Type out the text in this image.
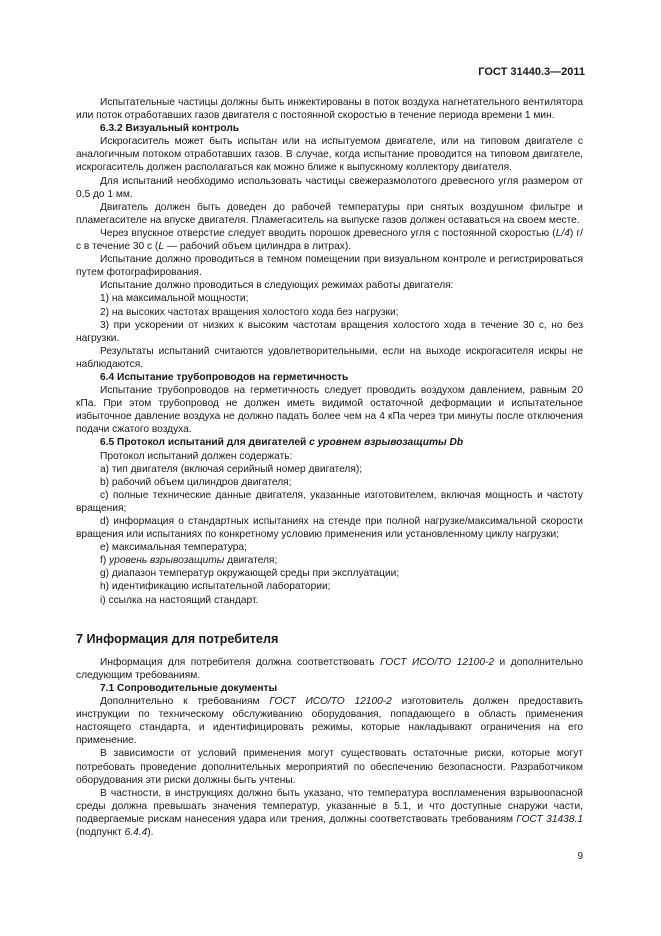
ГОСТ 31440.3—2011

Испытательные частицы должны быть инжектированы в поток воздуха нагнетательного вентилятора или поток отработавших газов двигателя с постоянной скоростью в течение периода времени 1 мин.

6.3.2 Визуальный контроль

Искрогаситель может быть испытан или на испытуемом двигателе, или на типовом двигателе с аналогичным потоком отработавших газов. В случае, когда испытание проводится на типовом двигателе, искрогаситель должен располагаться как можно ближе к выпускному коллектору двигателя.

Для испытаний необходимо использовать частицы свежеразмолотого древесного угля размером от 0,5 до 1 мм.

Двигатель должен быть доведен до рабочей температуры при снятых воздушном фильтре и пламегасителе на впуске двигателя. Пламегаситель на выпуске газов должен оставаться на своем месте.

Через впускное отверстие следует вводить порошок древесного угля с постоянной скоростью (L/4) г/с в течение 30 с (L — рабочий объем цилиндра в литрах).

Испытание должно проводиться в темном помещении при визуальном контроле и регистрироваться путем фотографирования.

Испытание должно проводиться в следующих режимах работы двигателя:

1) на максимальной мощности;

2) на высоких частотах вращения холостого хода без нагрузки;

3) при ускорении от низких к высоким частотам вращения холостого хода в течение 30 с, но без нагрузки.

Результаты испытаний считаются удовлетворительными, если на выходе искрогасителя искры не наблюдаются.

6.4 Испытание трубопроводов на герметичность

Испытание трубопроводов на герметичность следует проводить воздухом давлением, равным 20 кПа. При этом трубопровод не должен иметь видимой остаточной деформации и испытательное избыточное давление воздуха не должно падать более чем на 4 кПа через три минуты после отключения подачи сжатого воздуха.

6.5 Протокол испытаний для двигателей с уровнем взрывозащиты Db

Протокол испытаний должен содержать:

a) тип двигателя (включая серийный номер двигателя);

b) рабочий объем цилиндров двигателя;

c) полные технические данные двигателя, указанные изготовителем, включая мощность и частоту вращения;

d) информация о стандартных испытаниях на стенде при полной нагрузке/максимальной скорости вращения или испытаниях по конкретному условию применения или установленному циклу нагрузки;

e) максимальная температура;

f) уровень взрывозащиты двигателя;

g) диапазон температур окружающей среды при эксплуатации;

h) идентификацию испытательной лаборатории;

i) ссылка на настоящий стандарт.

7 Информация для потребителя

Информация для потребителя должна соответствовать ГОСТ ИСО/ТО 12100-2 и дополнительно следующим требованиям.

7.1 Сопроводительные документы

Дополнительно к требованиям ГОСТ ИСО/ТО 12100-2 изготовитель должен предоставить инструкции по техническому обслуживанию оборудования, попадающего в область применения настоящего стандарта, и идентифицировать режимы, которые накладывают ограничения на его применение.

В зависимости от условий применения могут существовать остаточные риски, которые могут потребовать проведение дополнительных мероприятий по обеспечению безопасности. Разработчиком оборудования эти риски должны быть учтены.

В частности, в инструкциях должно быть указано, что температура воспламенения взрывоопасной среды должна превышать значения температур, указанные в 5.1, и что доступные снаружи части, подвергаемые рискам нанесения удара или трения, должны соответствовать требованиям ГОСТ 31438.1 (подпункт 6.4.4).

9
